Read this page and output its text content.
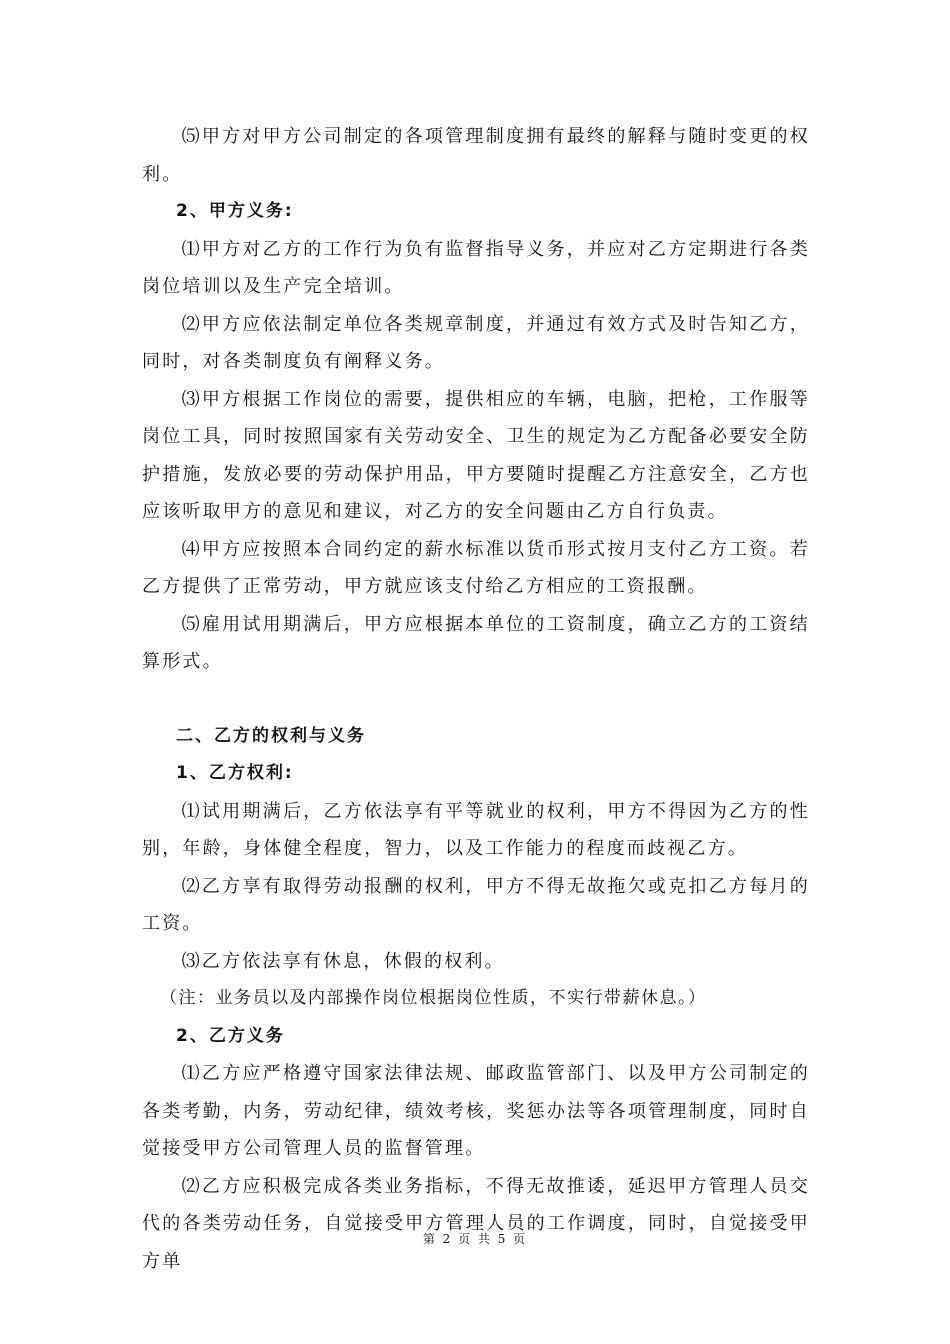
⑸甲方对甲方公司制定的各项管理制度拥有最终的解释与随时变更的权利。

2、甲方义务:

⑴甲方对乙方的工作行为负有监督指导义务，并应对乙方定期进行各类岗位培训以及生产完全培训。

⑵甲方应依法制定单位各类规章制度，并通过有效方式及时告知乙方，同时，对各类制度负有阐释义务。

⑶甲方根据工作岗位的需要，提供相应的车辆，电脑，把枪，工作服等岗位工具，同时按照国家有关劳动安全、卫生的规定为乙方配备必要安全防护措施，发放必要的劳动保护用品，甲方要随时提醒乙方注意安全，乙方也应该听取甲方的意见和建议，对乙方的安全问题由乙方自行负责。

⑷甲方应按照本合同约定的薪水标准以货币形式按月支付乙方工资。若乙方提供了正常劳动，甲方就应该支付给乙方相应的工资报酬。

⑸雇用试用期满后，甲方应根据本单位的工资制度，确立乙方的工资结算形式。

二、乙方的权利与义务

1、乙方权利:

⑴试用期满后，乙方依法享有平等就业的权利，甲方不得因为乙方的性别，年龄，身体健全程度，智力，以及工作能力的程度而歧视乙方。

⑵乙方享有取得劳动报酬的权利，甲方不得无故拖欠或克扣乙方每月的工资。

⑶乙方依法享有休息，休假的权利。

（注：业务员以及内部操作岗位根据岗位性质，不实行带薪休息。）

2、乙方义务

⑴乙方应严格遵守国家法律法规、邮政监管部门、以及甲方公司制定的各类考勤，内务，劳动纪律，绩效考核，奖惩办法等各项管理制度，同时自觉接受甲方公司管理人员的监督管理。

⑵乙方应积极完成各类业务指标，不得无故推诿，延迟甲方管理人员交代的各类劳动任务，自觉接受甲方管理人员的工作调度，同时，自觉接受甲方单

第 2 页 共 5 页
